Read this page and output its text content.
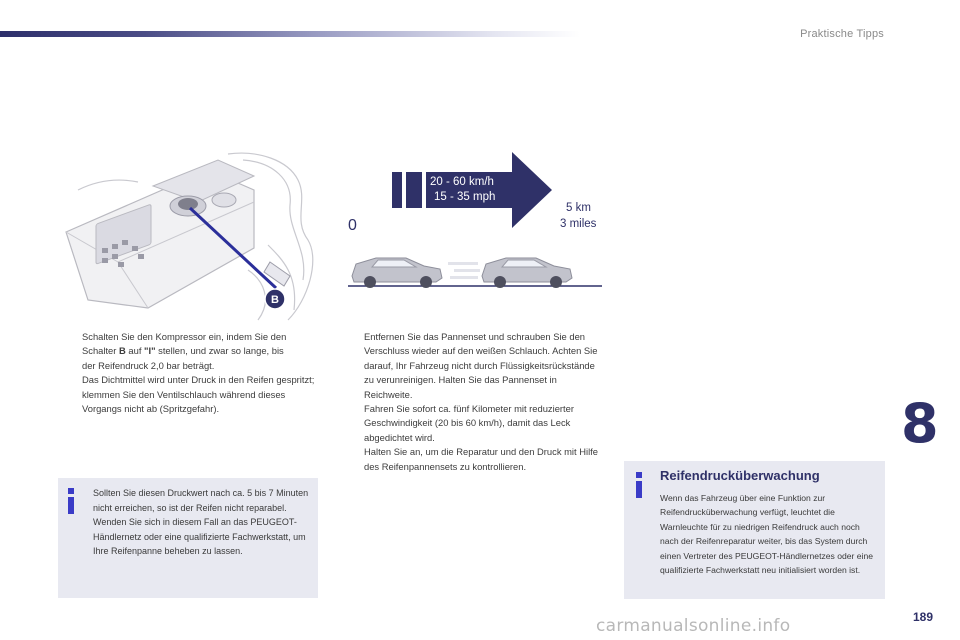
Praktische Tipps
B
20 - 60 km/h
15 - 35 mph
0
5 km
3 miles
Schalten Sie den Kompressor ein, indem Sie den
Schalter B auf "I" stellen, und zwar so lange, bis
der Reifendruck 2,0 bar beträgt.
Das Dichtmittel wird unter Druck in den Reifen gespritzt; klemmen Sie den Ventilschlauch während dieses Vorgangs nicht ab (Spritzgefahr).
Entfernen Sie das Pannenset und schrauben Sie den Verschluss wieder auf den weißen Schlauch. Achten Sie darauf, Ihr Fahrzeug nicht durch Flüssigkeitsrückstände zu verunreinigen. Halten Sie das Pannenset in Reichweite.
Fahren Sie sofort ca. fünf Kilometer mit reduzierter Geschwindigkeit (20 bis 60 km/h), damit das Leck abgedichtet wird.
Halten Sie an, um die Reparatur und den Druck mit Hilfe des Reifenpannensets zu kontrollieren.
Sollten Sie diesen Druckwert nach ca. 5 bis 7 Minuten nicht erreichen, so ist der Reifen nicht reparabel. Wenden Sie sich in diesem Fall an das PEUGEOT-Händlernetz oder eine qualifizierte Fachwerkstatt, um Ihre Reifenpanne beheben zu lassen.
Reifendrucküberwachung
Wenn das Fahrzeug über eine Funktion zur Reifendrucküberwachung verfügt, leuchtet die Warnleuchte für zu niedrigen Reifendruck auch noch nach der Reifenreparatur weiter, bis das System durch einen Vertreter des PEUGEOT-Händlernetzes oder eine qualifizierte Fachwerkstatt neu initialisiert worden ist.
8
189
carmanualsonline.info
